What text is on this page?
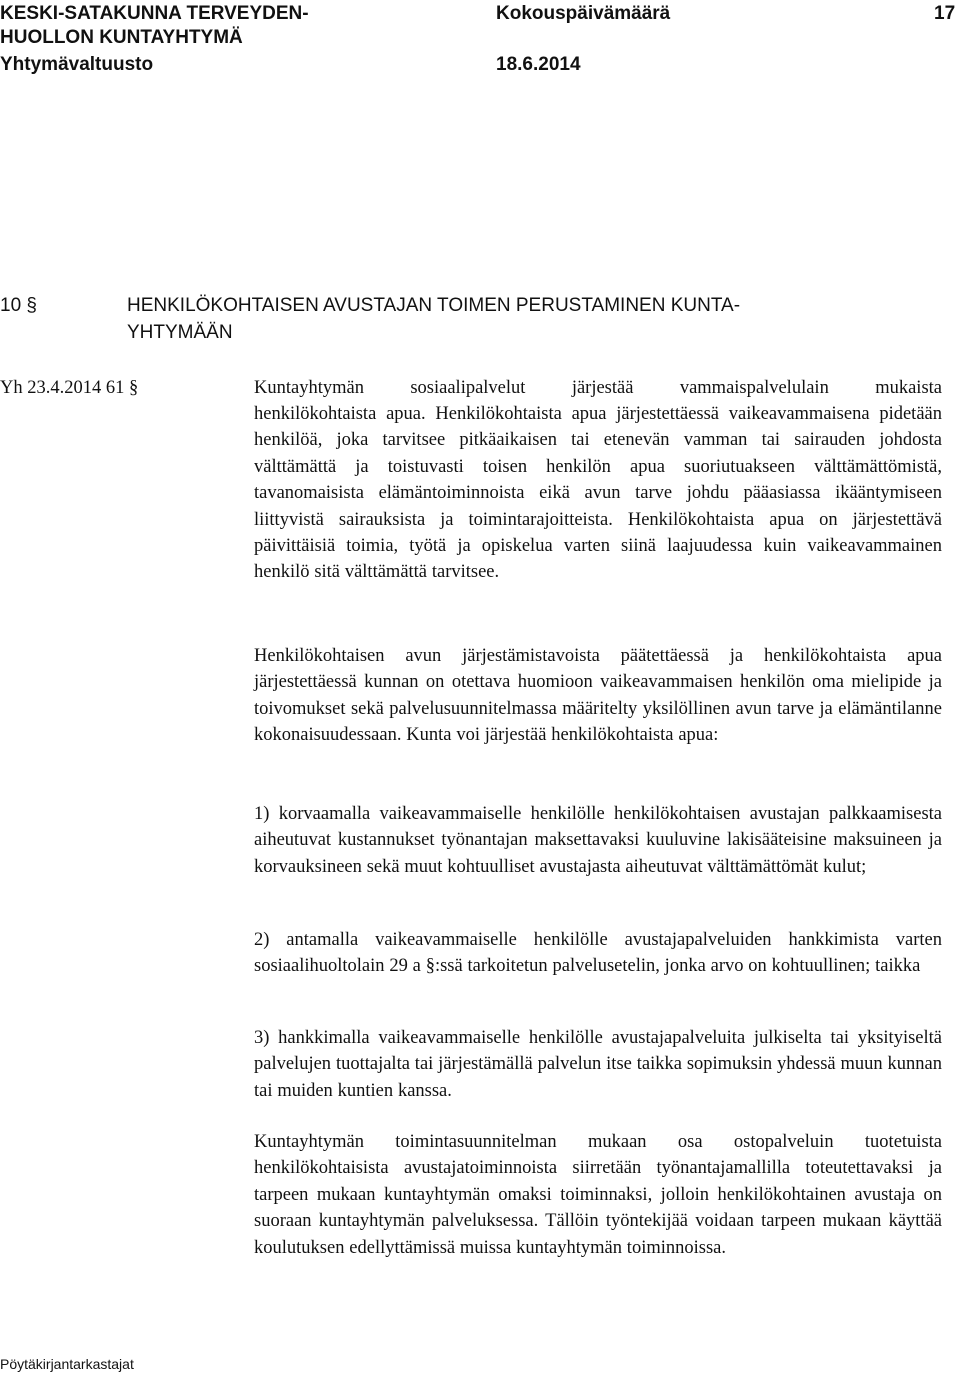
KESKI-SATAKUNNA TERVEYDEN-

HUOLLON KUNTAYHTYMÄ

Yhtymävaltuusto

Kokouspäivämäärä

18.6.2014

17

10 §	HENKILÖKOHTAISEN AVUSTAJAN TOIMEN PERUSTAMINEN KUNTA-

YHTYMÄÄN

Yh 23.4.2014 61 §	Kuntayhtymän sosiaalipalvelut järjestää vammaispalvelulain mukaista

henkilökohtaista apua. Henkilökohtaista apua järjestettäessä vaikeavammaisena pidetään henkilöä, joka tarvitsee pitkäaikaisen tai etenevän vamman tai sairauden johdosta välttämättä ja toistuvasti toisen henkilön apua suoriutuakseen välttämättömistä, tavanomaisista elämäntoiminnoista eikä avun tarve johdu pääasiassa ikääntymiseen liittyvistä sairauksista ja toimintarajoitteista. Henkilökohtaista apua on järjestettävä päivittäisiä toimia, työtä ja opiskelua varten siinä laajuudessa kuin vaikeavammainen henkilö sitä välttämättä tarvitsee.

Henkilökohtaisen avun järjestämistavoista päätettäessä ja henkilökohtaista apua järjestettäessä kunnan on otettava huomioon vaikeavammaisen henkilön oma mielipide ja toivomukset sekä palvelusuunnitelmassa määritelty yksilöllinen avun tarve ja elämäntilanne kokonaisuudessaan. Kunta voi järjestää henkilökohtaista apua:

1) korvaamalla vaikeavammaiselle henkilölle henkilökohtaisen avustajan palkkaamisesta aiheutuvat kustannukset työnantajan maksettavaksi kuuluvine lakisääteisine maksuineen ja korvauksineen sekä muut kohtuulliset avustajasta aiheutuvat välttämättömät kulut;

2) antamalla vaikeavammaiselle henkilölle avustajapalveluiden hankkimista varten sosiaalihuoltolain 29 a §:ssä tarkoitetun palvelusetelin, jonka arvo on kohtuullinen; taikka

3) hankkimalla vaikeavammaiselle henkilölle avustajapalveluita julkiselta tai yksityiseltä palvelujen tuottajalta tai järjestämällä palvelun itse taikka sopimuksin yhdessä muun kunnan tai muiden kuntien kanssa.

Kuntayhtymän toimintasuunnitelman mukaan osa ostopalveluin tuotetuista henkilökohtaisista avustajatoiminnoista siirretään työnantajamallilla toteutettavaksi ja tarpeen mukaan kuntayhtymän omaksi toiminnaksi, jolloin henkilökohtainen avustaja on suoraan kuntayhtymän palveluksessa. Tällöin työntekijää voidaan tarpeen mukaan käyttää koulutuksen edellyttämissä muissa kuntayhtymän toiminnoissa.

Pöytäkirjantarkastajat
